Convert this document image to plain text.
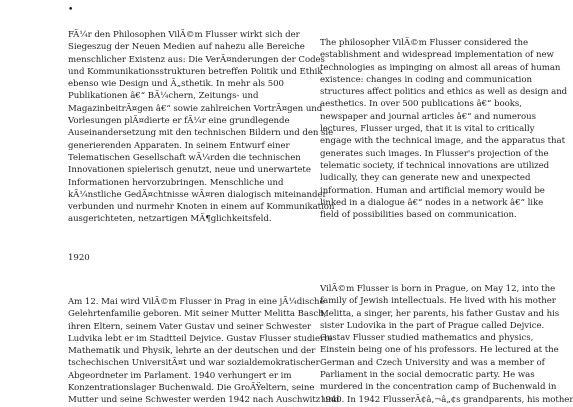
•
FÃ¼r den Philosophen VilÃ©m Flusser wirkt sich der
Siegeszug der Neuen Medien auf nahezu alle Bereiche
menschlicher Existenz aus: Die VerÃ¤nderungen der Codes
und Kommunikationsstrukturen betreffen Politik und Ethik
ebenso wie Design und Ã„sthetik. In mehr als 500
Publikationen â€“ BÃ¼chern, Zeitungs- und
MagazinbeitrÃ¤gen â€“ sowie zahlreichen VortrÃ¤gen und
Vorlesungen plÃ¤dierte er fÃ¼r eine grundlegende
Auseinandersetzung mit den technischen Bildern und den sie
generierenden Apparaten. In seinem Entwurf einer
Telematischen Gesellschaft wÃ¼rden die technischen
Innovationen spielerisch genutzt, neue und unerwartete
Informationen hervorzubringen. Menschliche und
kÃ¼nstliche GedÃ¤chtnisse wÃ¤ren dialogisch miteinander
verbunden und nurmehr Knoten in einem auf Kommunikation
ausgerichteten, netzartigen MÃ¶glichkeitsfeld.
The philosopher VilÃ©m Flusser considered the
establishment and widespread implementation of new
technologies as impinging on almost all areas of human
existence: changes in coding and communication
structures affect politics and ethics as well as design and
aesthetics. In over 500 publications â€“ books,
newspaper and journal articles â€“ and numerous
lectures, Flusser urged, that it is vital to critically
engage with the technical image, and the apparatus that
generates such images. In Flusser's projection of the
telematic society, if technical innovations are utilized
ludically, they can generate new and unexpected
information. Human and artificial memory would be
linked in a dialogue â€“ nodes in a network â€“ like
field of possibilities based on communication.
1920
Am 12. Mai wird VilÃ©m Flusser in Prag in eine jÃ¼dische
Gelehrtenfamilie geboren. Mit seiner Mutter Melitta Basch,
ihren Eltern, seinem Vater Gustav und seiner Schwester
Ludvika lebt er im Stadtteil Dejvice. Gustav Flusser studierte
Mathematik und Physik, lehrte an der deutschen und der
tschechischen UniversitÃ¤t und war sozialdemokratischer
Abgeordneter im Parlament. 1940 verhungert er im
Konzentrationslager Buchenwald. Die GroÃŸeltern, seine
Mutter und seine Schwester werden 1942 nach Auschwitz und
VilÃ©m Flusser is born in Prague, on May 12, into the
family of Jewish intellectuals. He lived with his mother
Melitta, a singer, her parents, his father Gustav and his
sister Ludovika in the part of Prague called Dejvice.
Gustav Flusser studied mathematics and physics,
Einstein being one of his professors. He lectured at the
German and Czech University and was a member of
Parliament in the social democratic party. He was
murdered in the concentration camp of Buchenwald in
1940. In 1942 FlusserÃ¢â‚¬â„¢s grandparents, his mother
